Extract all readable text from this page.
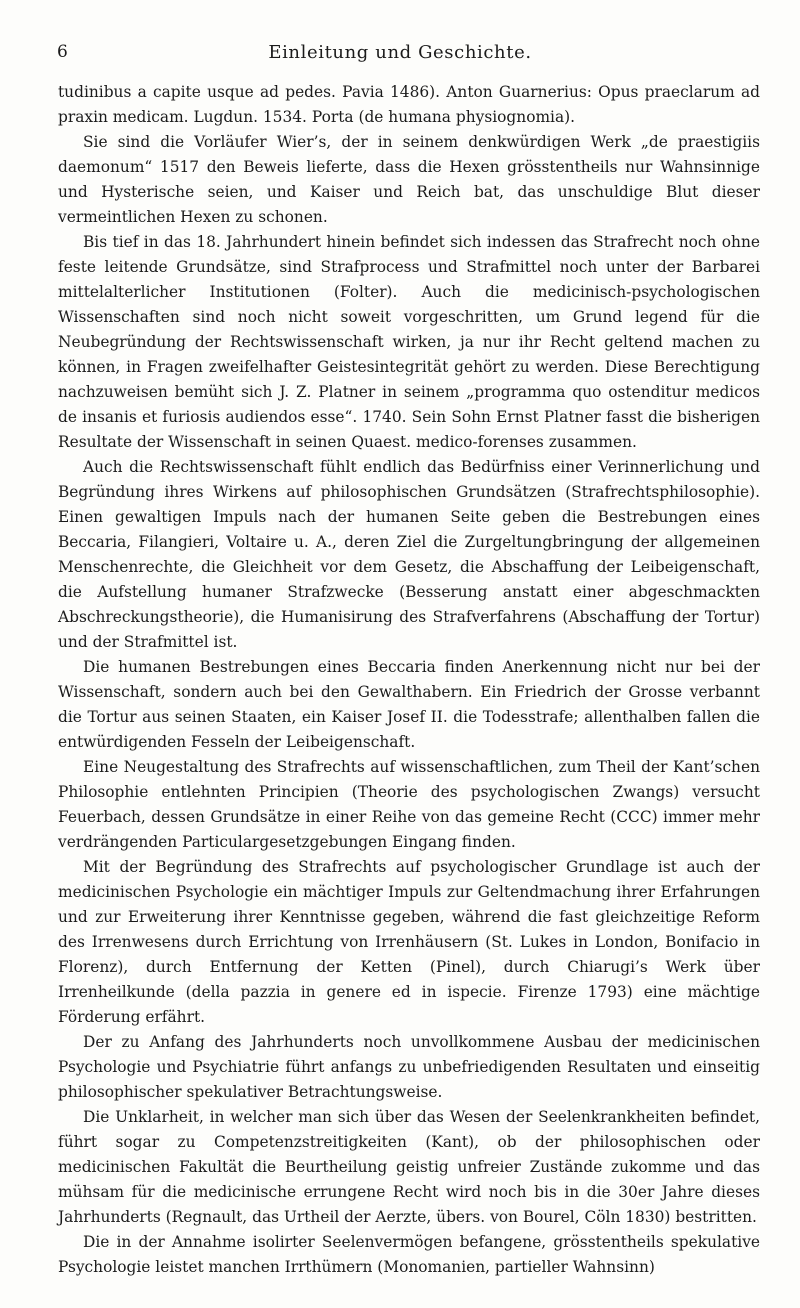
6	Einleitung und Geschichte.

tudinibus a capite usque ad pedes. Pavia 1486). Anton Guarnerius: Opus praeclarum ad praxin medicam. Lugdun. 1534. Porta (de humana physiognomia).

Sie sind die Vorläufer Wier’s, der in seinem denkwürdigen Werk „de praestigiis daemonum“ 1517 den Beweis lieferte, dass die Hexen grösstentheils nur Wahnsinnige und Hysterische seien, und Kaiser und Reich bat, das unschuldige Blut dieser vermeintlichen Hexen zu schonen.

Bis tief in das 18. Jahrhundert hinein befindet sich indessen das Strafrecht noch ohne feste leitende Grundsätze, sind Strafprocess und Strafmittel noch unter der Barbarei mittelalterlicher Institutionen (Folter). Auch die medicinisch-psychologischen Wissenschaften sind noch nicht soweit vorgeschritten, um Grund legend für die Neubegründung der Rechtswissenschaft wirken, ja nur ihr Recht geltend machen zu können, in Fragen zweifelhafter Geistesintegrität gehört zu werden. Diese Berechtigung nachzuweisen bemüht sich J. Z. Platner in seinem „programma quo ostenditur medicos de insanis et furiosis audiendos esse“. 1740. Sein Sohn Ernst Platner fasst die bisherigen Resultate der Wissenschaft in seinen Quaest. medico-forenses zusammen.

Auch die Rechtswissenschaft fühlt endlich das Bedürfniss einer Verinnerlichung und Begründung ihres Wirkens auf philosophischen Grundsätzen (Strafrechtsphilosophie). Einen gewaltigen Impuls nach der humanen Seite geben die Bestrebungen eines Beccaria, Filangieri, Voltaire u. A., deren Ziel die Zurgeltungbringung der allgemeinen Menschenrechte, die Gleichheit vor dem Gesetz, die Abschaffung der Leibeigenschaft, die Aufstellung humaner Strafzwecke (Besserung anstatt einer abgeschmackten Abschreckungstheorie), die Humanisirung des Strafverfahrens (Abschaffung der Tortur) und der Strafmittel ist.

Die humanen Bestrebungen eines Beccaria finden Anerkennung nicht nur bei der Wissenschaft, sondern auch bei den Gewalthabern. Ein Friedrich der Grosse verbannt die Tortur aus seinen Staaten, ein Kaiser Josef II. die Todesstrafe; allenthalben fallen die entwürdigenden Fesseln der Leibeigenschaft.

Eine Neugestaltung des Strafrechts auf wissenschaftlichen, zum Theil der Kant’schen Philosophie entlehnten Principien (Theorie des psychologischen Zwangs) versucht Feuerbach, dessen Grundsätze in einer Reihe von das gemeine Recht (CCC) immer mehr verdrängenden Particulargesetzgebungen Eingang finden.

Mit der Begründung des Strafrechts auf psychologischer Grundlage ist auch der medicinischen Psychologie ein mächtiger Impuls zur Geltendmachung ihrer Erfahrungen und zur Erweiterung ihrer Kenntnisse gegeben, während die fast gleichzeitige Reform des Irrenwesens durch Errichtung von Irrenhäusern (St. Lukes in London, Bonifacio in Florenz), durch Entfernung der Ketten (Pinel), durch Chiarugi’s Werk über Irrenheilkunde (della pazzia in genere ed in ispecie. Firenze 1793) eine mächtige Förderung erfährt.

Der zu Anfang des Jahrhunderts noch unvollkommene Ausbau der medicinischen Psychologie und Psychiatrie führt anfangs zu unbefriedigenden Resultaten und einseitig philosophischer spekulativer Betrachtungsweise.

Die Unklarheit, in welcher man sich über das Wesen der Seelenkrankheiten befindet, führt sogar zu Competenzstreitigkeiten (Kant), ob der philosophischen oder medicinischen Fakultät die Beurtheilung geistig unfreier Zustände zukomme und das mühsam für die medicinische errungene Recht wird noch bis in die 30er Jahre dieses Jahrhunderts (Regnault, das Urtheil der Aerzte, übers. von Bourel, Cöln 1830) bestritten.

Die in der Annahme isolirter Seelenvermögen befangene, grösstentheils spekulative Psychologie leistet manchen Irrthümern (Monomanien, partieller Wahnsinn)
